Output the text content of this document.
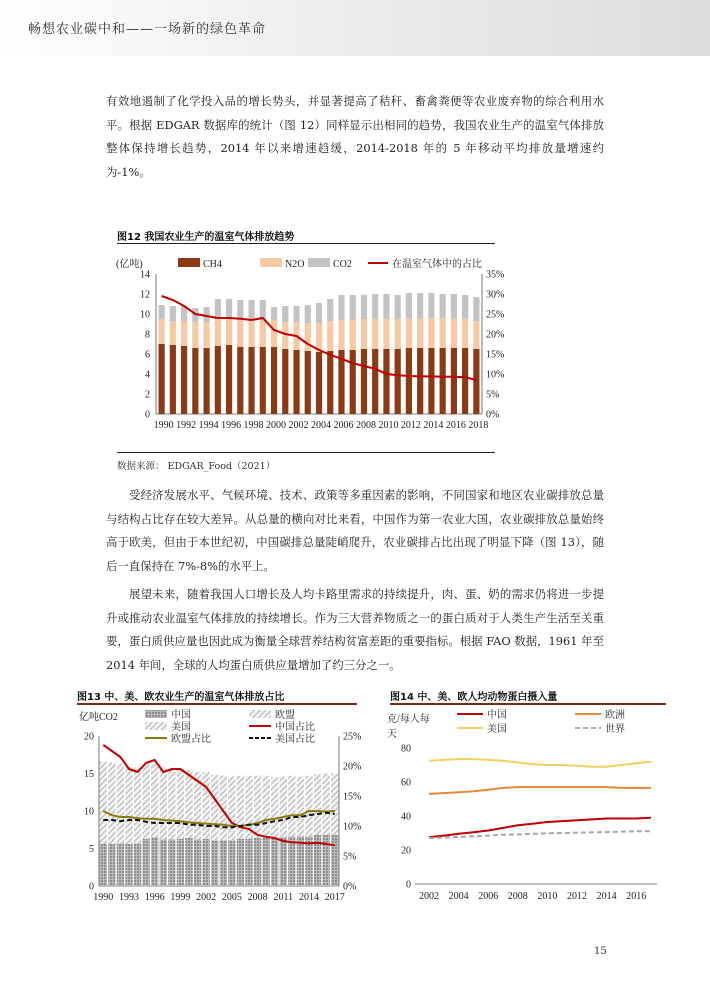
畅想农业碳中和——一场新的绿色革命

有效地遏制了化学投入品的增长势头，并显著提高了秸秆、畜禽粪便等农业废弃物的综合利用水平。根据 EDGAR 数据库的统计（图 12）同样显示出相同的趋势，我国农业生产的温室气体排放整体保持增长趋势，2014 年以来增速趋缓，2014-2018 年的 5 年移动平均排放量增速约为-1%。

图12 我国农业生产的温室气体排放趋势
CH4	N2O	CO2	在温室气体中的占比
(亿吨)
0
2
4
6
8
10
12
14
0%
5%
10%
15%
20%
25%
30%
35%
1990 1992 1994 1996 1998 2000 2002 2004 2006 2008 2010 2012 2014 2016 2018
数据来源： EDGAR_Food（2021）

受经济发展水平、气候环境、技术、政策等多重因素的影响，不同国家和地区农业碳排放总量与结构占比存在较大差异。从总量的横向对比来看，中国作为第一农业大国，农业碳排放总量始终高于欧美，但由于本世纪初，中国碳排总量陡峭爬升，农业碳排占比出现了明显下降（图 13），随后一直保持在 7%-8%的水平上。

展望未来，随着我国人口增长及人均卡路里需求的持续提升，肉、蛋、奶的需求仍将进一步提升或推动农业温室气体排放的持续增长。作为三大营养物质之一的蛋白质对于人类生产生活至关重要，蛋白质供应量也因此成为衡量全球营养结构贫富差距的重要指标。根据 FAO 数据，1961 年至 2014 年间，全球的人均蛋白质供应量增加了约三分之一。

图13 中、美、欧农业生产的温室气体排放占比
亿吨CO2	中国	欧盟
美国	中国占比
欧盟占比	美国占比
0
5
10
15
20
0%
5%
10%
15%
20%
25%
1990 1993 1996 1999 2002 2005 2008 2011 2014 2017
图14 中、美、欧人均动物蛋白摄入量
克/每人每
天
中国	欧洲
美国	世界
0
20
40
60
80
2002 2004 2006 2008 2010 2012 2014 2016
15
